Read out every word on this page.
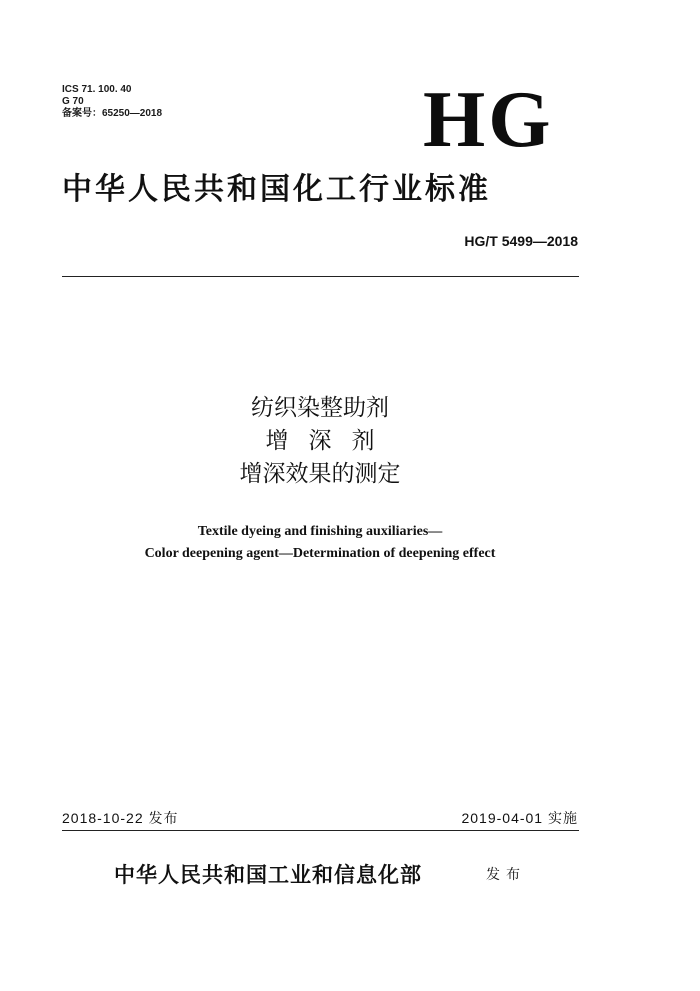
ICS 71. 100. 40
G 70
备案号：65250—2018	HG
中华人民共和国化工行业标准
HG/T 5499—2018
纺织染整助剂
增深剂
增深效果的测定
Textile dyeing and finishing auxiliaries—
Color deepening agent—Determination of deepening effect
2018-10-22 发布	2019-04-01 实施
中华人民共和国工业和信息化部	发布
